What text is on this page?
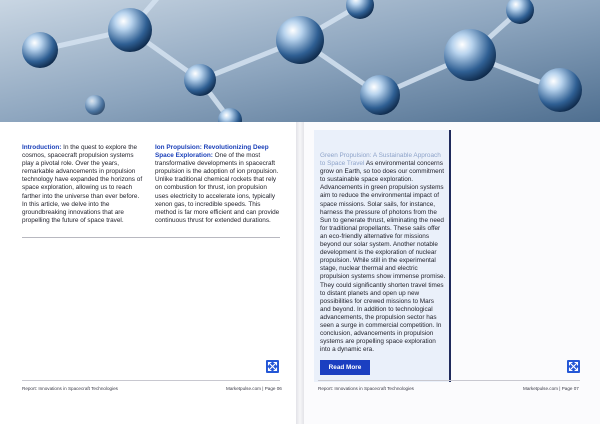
Introduction: In the quest to explore the cosmos, spacecraft propulsion systems play a pivotal role. Over the years, remarkable advancements in propulsion technology have expanded the horizons of space exploration, allowing us to reach farther into the universe than ever before. In this article, we delve into the groundbreaking innovations that are propelling the future of space travel.
Ion Propulsion: Revolutionizing Deep Space Exploration: One of the most transformative developments in spacecraft propulsion is the adoption of ion propulsion. Unlike traditional chemical rockets that rely on combustion for thrust, ion propulsion uses electricity to accelerate ions, typically xenon gas, to incredible speeds. This method is far more efficient and can provide continuous thrust for extended durations.
Report: Innovations in Spacecraft Technologies	Marketpulse.com | Page 06
Green Propulsion: A Sustainable Approach to Space Travel As environmental concerns grow on Earth, so too does our commitment to sustainable space exploration. Advancements in green propulsion systems aim to reduce the environmental impact of space missions. Solar sails, for instance, harness the pressure of photons from the Sun to generate thrust, eliminating the need for traditional propellants. These sails offer an eco-friendly alternative for missions beyond our solar system. Another notable development is the exploration of nuclear propulsion. While still in the experimental stage, nuclear thermal and electric propulsion systems show immense promise. They could significantly shorten travel times to distant planets and open up new possibilities for crewed missions to Mars and beyond. In addition to technological advancements, the propulsion sector has seen a surge in commercial competition. In conclusion, advancements in propulsion systems are propelling space exploration into a dynamic era.
Read More
Report: Innovations in Spacecraft Technologies	Marketpulse.com | Page 07
